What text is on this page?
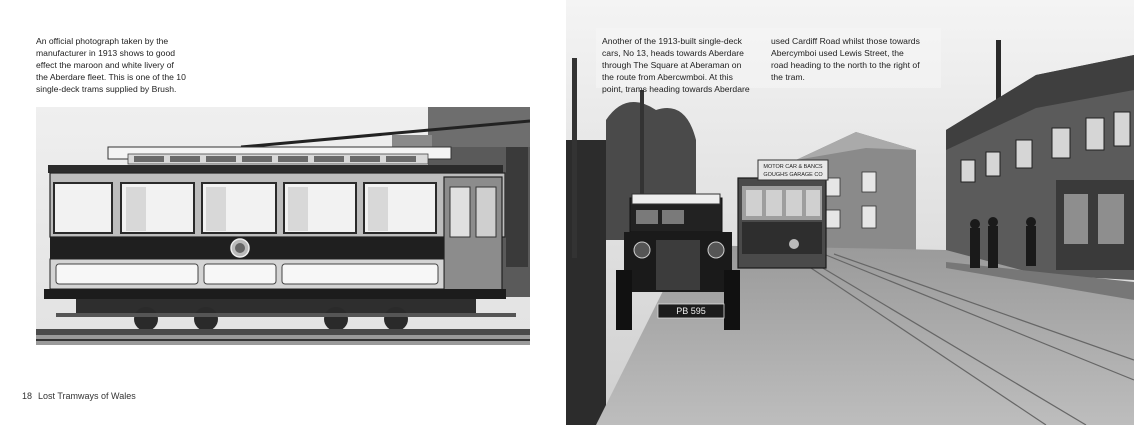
An official photograph taken by the
manufacturer in 1913 shows to good
effect the maroon and white livery of
the Aberdare fleet. This is one of the 10
single-deck trams supplied by Brush.
18 Lost Tramways of Wales
MOTOR CAR & BANCS
GOUGHS GARAGE CO
PB 595
Another of the 1913-built single-deck
cars, No 13, heads towards Aberdare
through The Square at Aberaman on
the route from Abercwmboi. At this
point, trams heading towards Aberdare
used Cardiff Road whilst those towards
Abercymboi used Lewis Street, the
road heading to the north to the right of
the tram.
